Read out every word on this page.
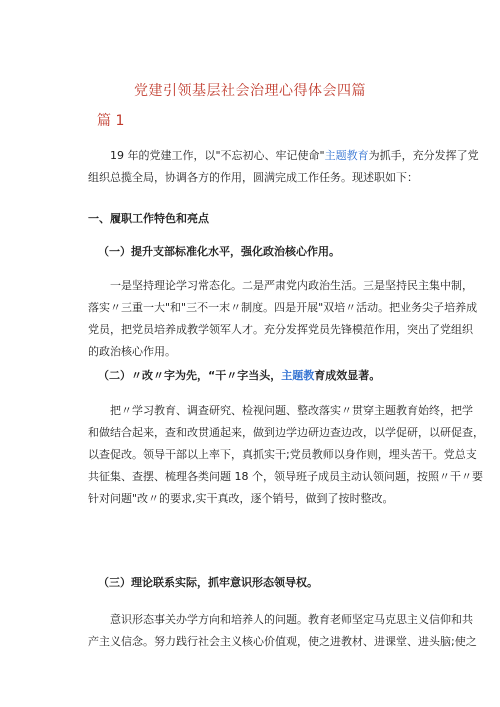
党建引领基层社会治理心得体会四篇
篇 1

19 年的党建工作，以"不忘初心、牢记使命"主题教育为抓手，充分发挥了党

组织总揽全局，协调各方的作用，圆满完成工作任务。现述职如下：

一、履职工作特色和亮点
（一）提升支部标准化水平，强化政治核心作用。

一是坚持理论学习常态化。二是严肃党内政治生活。三是坚持民主集中制，

落实〃三重一大"和"三不一末〃制度。四是开展"双培〃活动。把业务尖子培养成

党员，把党员培养成教学领军人才。充分发挥党员先锋模范作用，突出了党组织

的政治核心作用。

（二）〃改〃字为先，“干〃字当头，主题教育成效显著。

把〃学习教育、调查研究、检视问题、整改落实〃贯穿主题教育始终，把学

和做结合起来，查和改贯通起来，做到边学边研边查边改，以学促研，以研促查，

以查促改。领导干部以上率下，真抓实干;党员教师以身作则，埋头苦干。党总支

共征集、查摆、梳理各类问题 18 个，领导班子成员主动认领问题，按照〃干〃要

针对问题"改〃的要求,实干真改，逐个销号，做到了按时整改。

（三）理论联系实际，抓牢意识形态领导权。

意识形态事关办学方向和培养人的问题。教育老师坚定马克思主义信仰和共

产主义信念。努力践行社会主义核心价值观，使之进教材、进课堂、进头脑;使之
